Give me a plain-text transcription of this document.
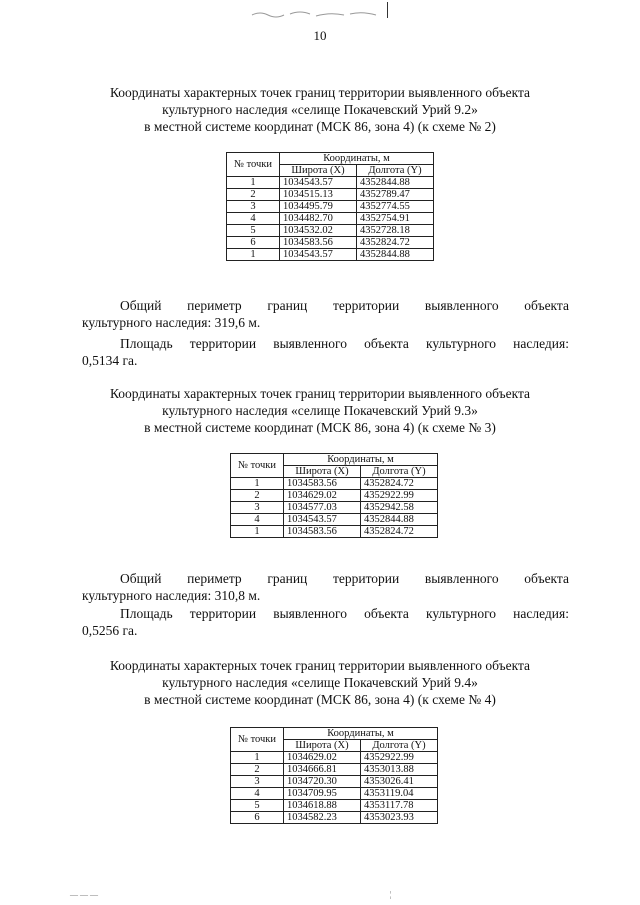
10
Координаты характерных точек границ территории выявленного объекта
культурного наследия «селище Покачевский Урий 9.2»
в местной системе координат (МСК 86, зона 4) (к схеме № 2)
№ точки	Координаты, м	
	Широта (X)	Долгота (Y)
1	1034543.57	4352844.88
2	1034515.13	4352789.47
3	1034495.79	4352774.55
4	1034482.70	4352754.91
5	1034532.02	4352728.18
6	1034583.56	4352824.72
1	1034543.57	4352844.88
Общий периметр границ территории выявленного объекта
культурного наследия: 319,6 м.
Площадь территории выявленного объекта культурного наследия:
0,5134 га.
Координаты характерных точек границ территории выявленного объекта
культурного наследия «селище Покачевский Урий 9.3»
в местной системе координат (МСК 86, зона 4) (к схеме № 3)
№ точки	Координаты, м	
	Широта (X)	Долгота (Y)
1	1034583.56	4352824.72
2	1034629.02	4352922.99
3	1034577.03	4352942.58
4	1034543.57	4352844.88
1	1034583.56	4352824.72
Общий периметр границ территории выявленного объекта
культурного наследия: 310,8 м.
Площадь территории выявленного объекта культурного наследия:
0,5256 га.
Координаты характерных точек границ территории выявленного объекта
культурного наследия «селище Покачевский Урий 9.4»
в местной системе координат (МСК 86, зона 4) (к схеме № 4)
№ точки	Координаты, м	
	Широта (X)	Долгота (Y)
1	1034629.02	4352922.99
2	1034666.81	4353013.88
3	1034720.30	4353026.41
4	1034709.95	4353119.04
5	1034618.88	4353117.78
6	1034582.23	4353023.93
— — —	¦
